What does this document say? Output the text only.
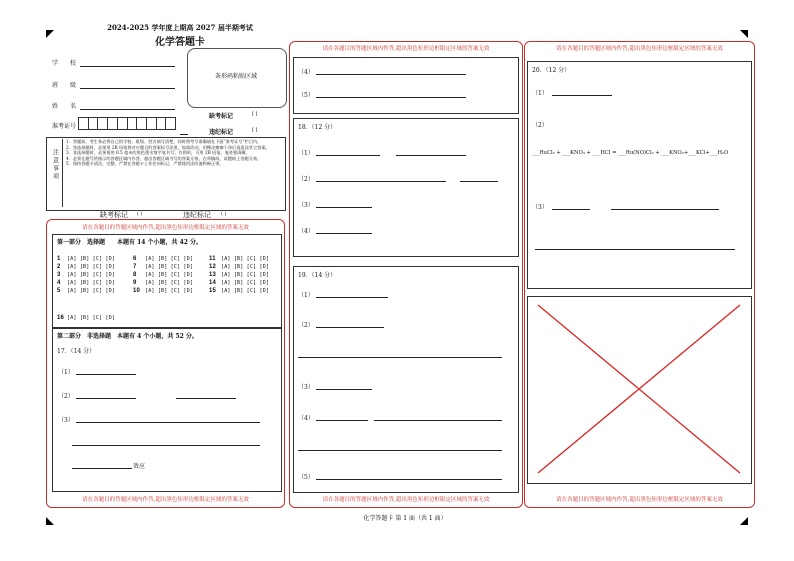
2024-2025 学年度上期高 2027 届半期考试
化学答题卡
学　　校
班　　级
姓　　名
准考证号
条形码粘贴区域
缺考标记	[ ]
违纪标记	[ ]
注意事项
1．答题前，考生务必将自己的学校、班级、姓名填写清楚，同时将考号准确填在下面“准考证号”栏目内。
2．答选择题时，必须用 2B 铅笔将对应题目的答案标号涂黑，如需改动，用橡皮擦擦干净后再选涂其它答案。
3．非选择题时，必须使用 0.5 毫米的黑色墨水签字笔书写；作图时，可用 2B 铅笔，笔迹要清晰。
4．必须在题号所指示的答题区域内作答，超出答题区域书写的答案无效，在草稿纸、试题纸上答题无效。
5．保持答题卡清洁、完整，严禁在答题卡上作任何标记，严禁使用涂改液和修正带。
缺考标记 ( )	违纪标记 ( )
请在各题目的答题区域内作答,超出黑色矩形边框限定区域的答案无效
第一部分　选择题　　本题有 14 个小题，共 42 分。
1 [A] [B] [C] [D]
2 [A] [B] [C] [D]
3 [A] [B] [C] [D]
4 [A] [B] [C] [D]
5 [A] [B] [C] [D]
6 [A] [B] [C] [D]
7 [A] [B] [C] [D]
8 [A] [B] [C] [D]
9 [A] [B] [C] [D]
10 [A] [B] [C] [D]
11 [A] [B] [C] [D]
12 [A] [B] [C] [D]
13 [A] [B] [C] [D]
14 [A] [B] [C] [D]
15 [A] [B] [C] [D]
16 [A] [B] [C] [D]
第二部分　非选择题　本题有 4 个小题，共 52 分。
17．（14 分）
（1）
（2）
（3）
效应
请在各题目的答题区域内作答,超出黑色矩形边框限定区域的答案无效
请在各题目的答题区域内作答,超出黑色矩形边框限定区域的答案无效
（4）
（5）
18．（12 分）
（1）
（2）
（3）
（4）
19．（14 分）
（1）
（2）
（3）
（4）
（5）
请在各题目的答题区域内作答,超出黑色矩形边框限定区域的答案无效
请在各题目的答题区域内作答,超出黑色矩形边框限定区域的答案无效
20．（12 分）
（1）
（2）
___RuCl₃ + ___KNO₃ + ___HCl = ___Ru(NO)Cl₃ + ___KNO₂+___KCl+___H₂O
（3）
请在各题目的答题区域内作答,超出黑色矩形边框限定区域的答案无效
化学答题卡 第 1 面（共 1 面）
